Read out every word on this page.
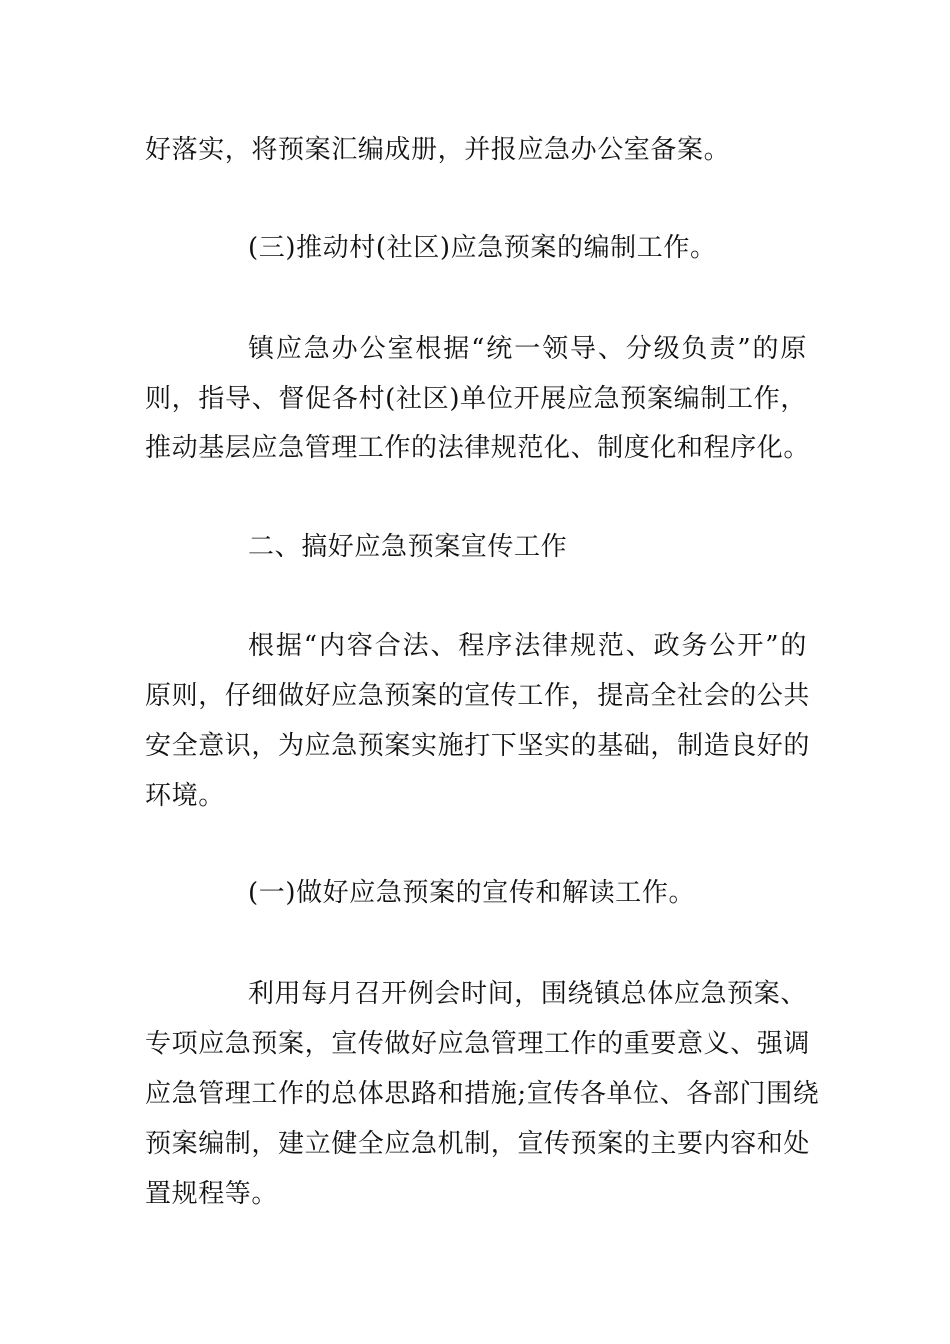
好落实，将预案汇编成册，并报应急办公室备案。
(三)推动村(社区)应急预案的编制工作。
镇应急办公室根据“统一领导、分级负责”的原
则，指导、督促各村(社区)单位开展应急预案编制工作，
推动基层应急管理工作的法律规范化、制度化和程序化。
二、搞好应急预案宣传工作
根据“内容合法、程序法律规范、政务公开”的
原则，仔细做好应急预案的宣传工作，提高全社会的公共
安全意识，为应急预案实施打下坚实的基础，制造良好的
环境。
(一)做好应急预案的宣传和解读工作。
利用每月召开例会时间，围绕镇总体应急预案、
专项应急预案，宣传做好应急管理工作的重要意义、强调
应急管理工作的总体思路和措施;宣传各单位、各部门围绕
预案编制，建立健全应急机制，宣传预案的主要内容和处
置规程等。
